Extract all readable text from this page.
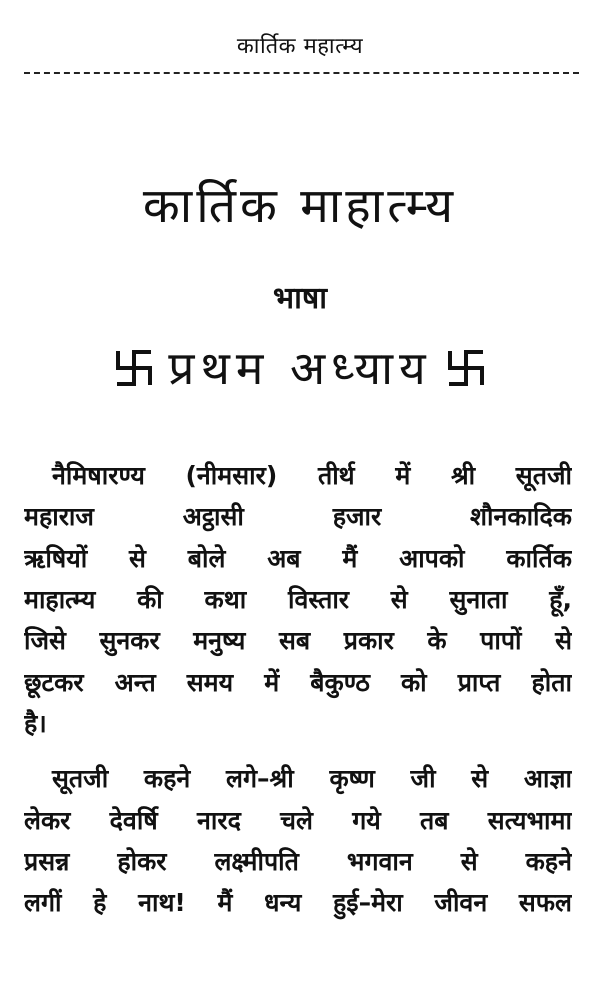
कार्तिक महात्म्य
कार्तिक माहात्म्य
भाषा
प्रथम अध्याय
नैमिषारण्य (नीमसार) तीर्थ में श्री सूतजी
महाराज	अट्ठासी	हजार	शौनकादिक
ऋषियों से बोले अब मैं आपको कार्तिक
माहात्म्य की कथा विस्तार से सुनाता हूँ,
जिसे सुनकर मनुष्य सब प्रकार के पापों से
छूटकर अन्त समय में बैकुण्ठ को प्राप्त होता
है।
सूतजी कहने लगे–श्री कृष्ण जी से आज्ञा
लेकर देवर्षि नारद चले गये तब सत्यभामा
प्रसन्न होकर लक्ष्मीपति भगवान से कहने
लगीं हे नाथ! मैं धन्य हुई–मेरा जीवन सफल
